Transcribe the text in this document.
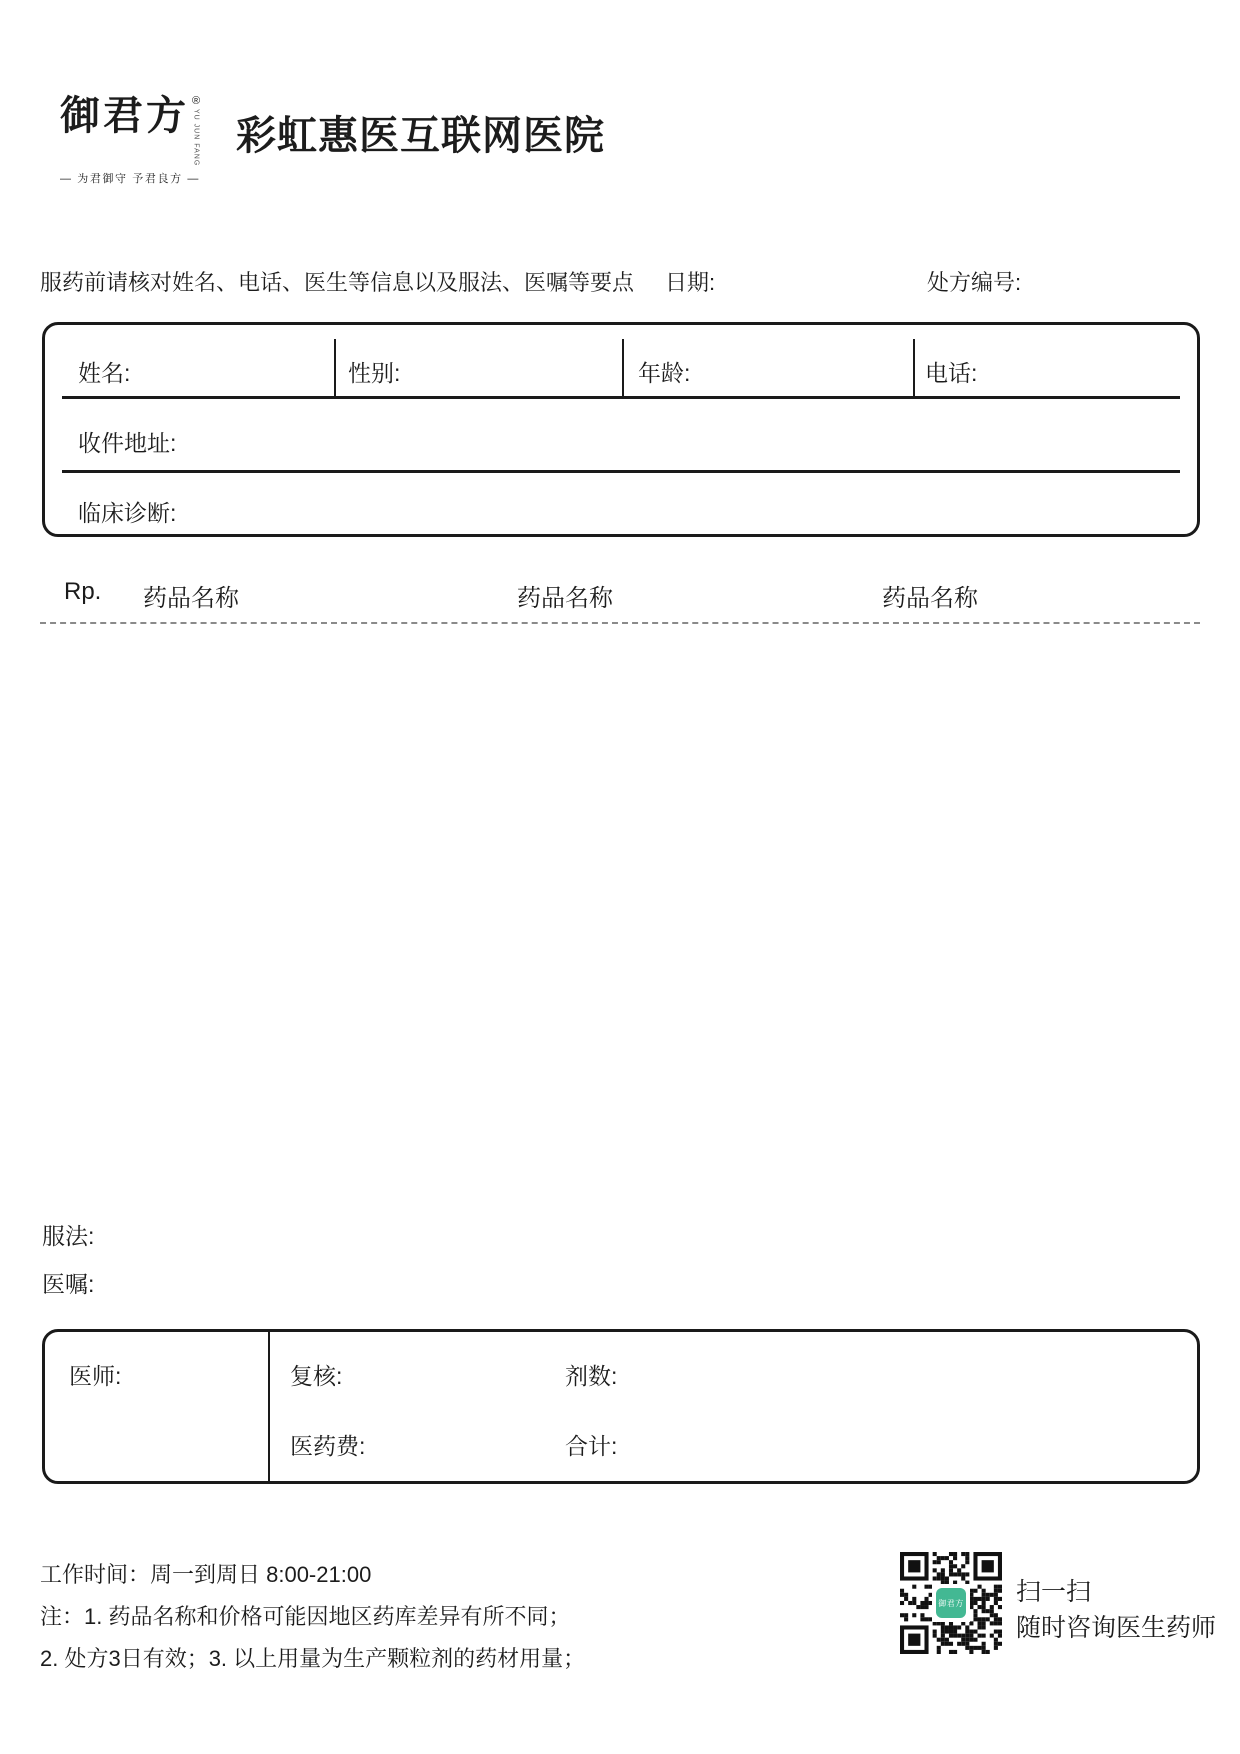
御君方 ®
YU JUN FANG
— 为君御守 予君良方 —
彩虹惠医互联网医院
服药前请核对姓名、电话、医生等信息以及服法、医嘱等要点 日期:	处方编号:
姓名:	性别:	年龄:	电话:
收件地址:
临床诊断:
Rp. 药品名称	药品名称	药品名称
服法:
医嘱:
医师:	复核:	剂数:
医药费:	合计:
工作时间：周一到周日 8:00-21:00
注：1. 药品名称和价格可能因地区药库差异有所不同；
2. 处方3日有效；3. 以上用量为生产颗粒剂的药材用量；
御君方 扫一扫
随时咨询医生药师
